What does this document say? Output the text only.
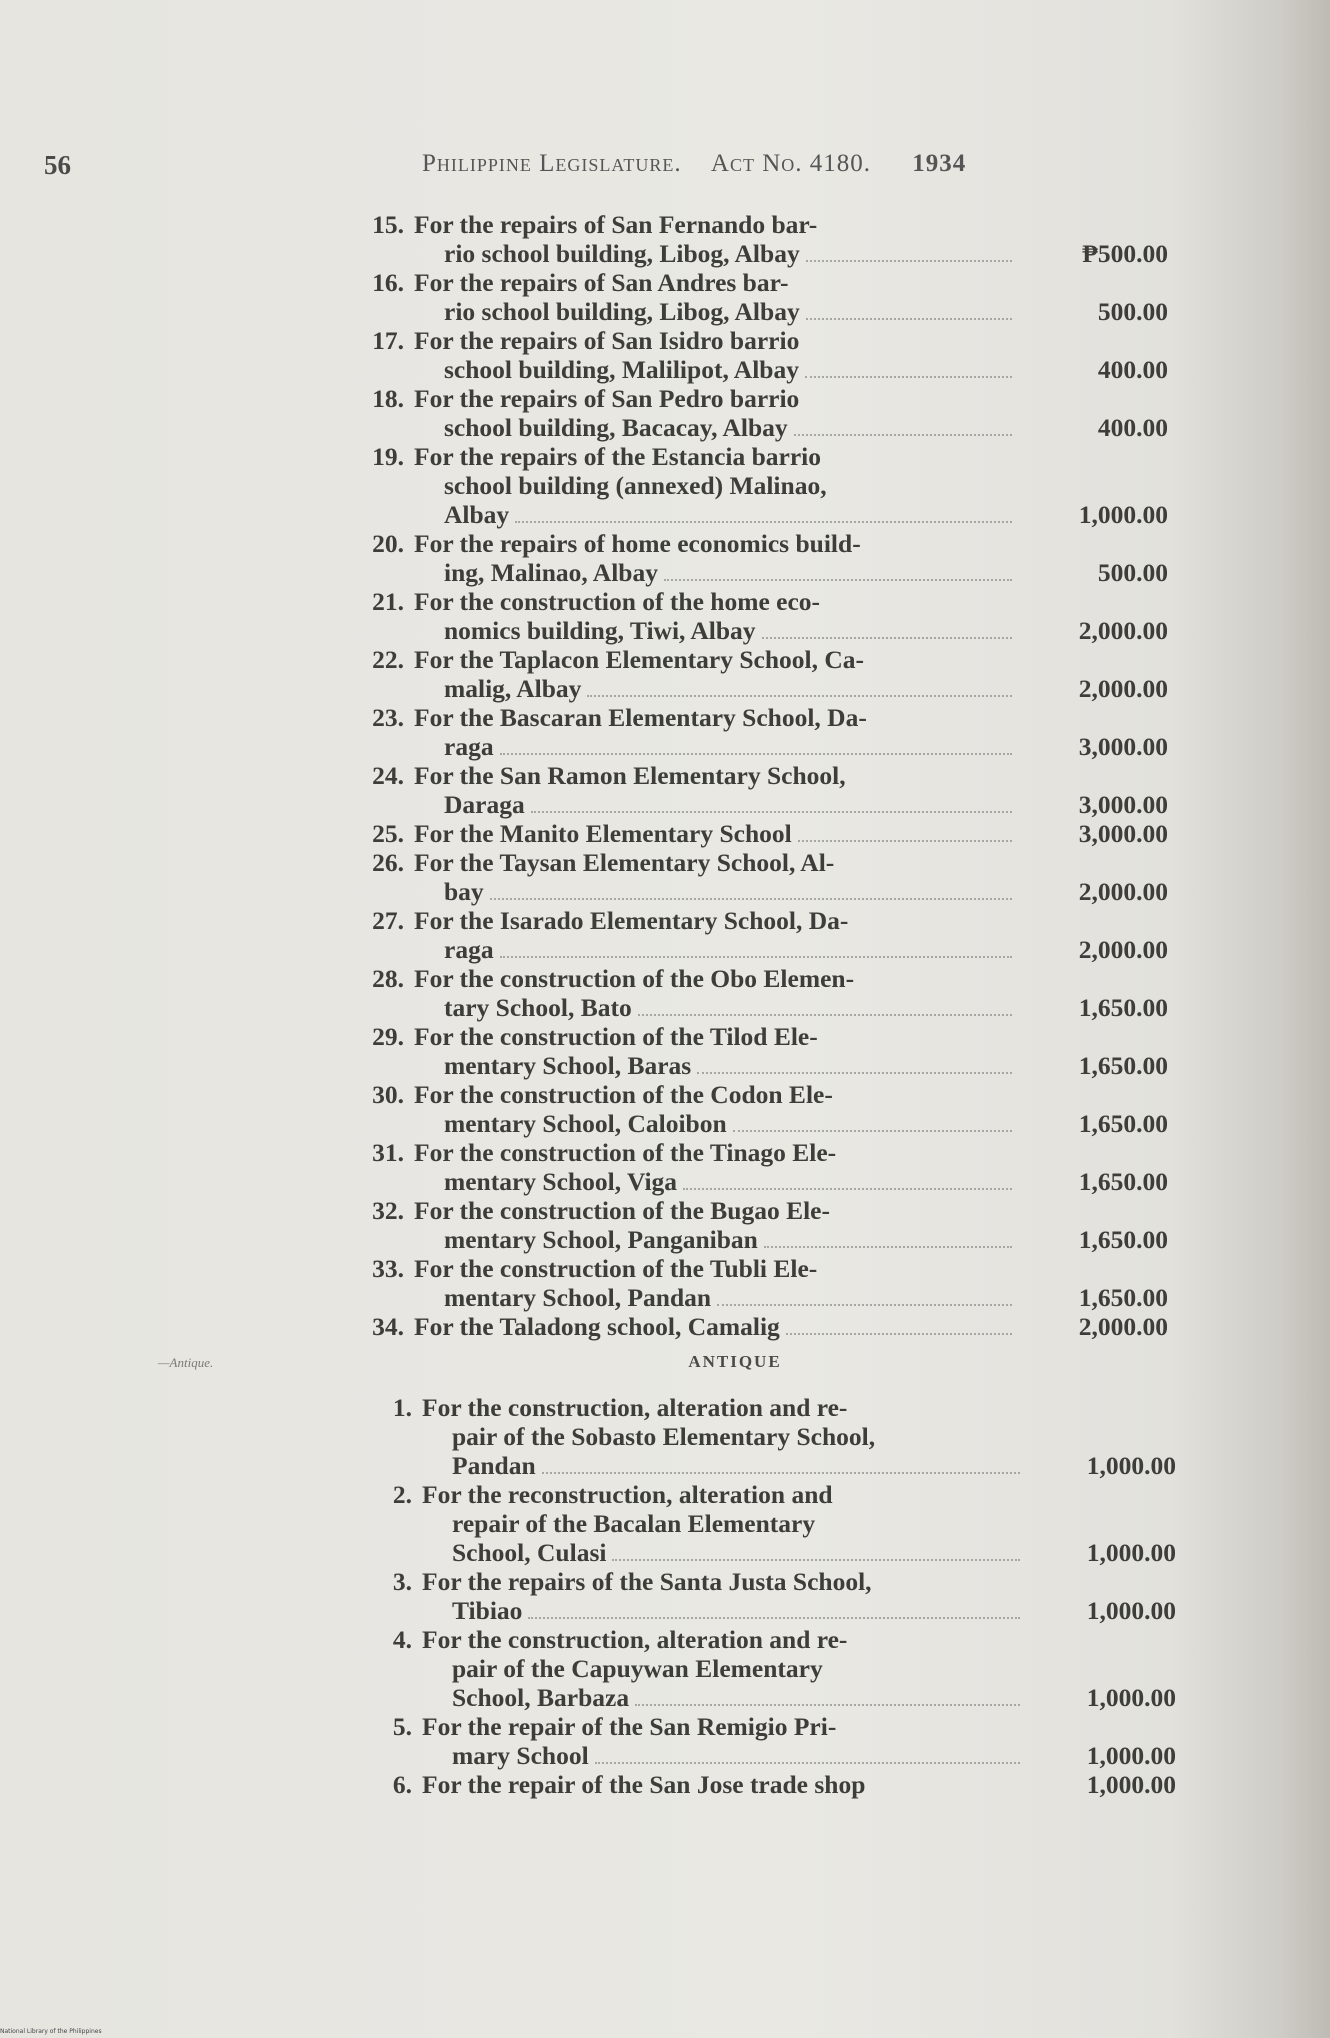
56	Philippine Legislature. Act No. 4180. 1934
15. For the repairs of San Fernando bar-
rio school building, Libog, Albay	₱500.00
16. For the repairs of San Andres bar-
rio school building, Libog, Albay	500.00
17. For the repairs of San Isidro barrio
school building, Malilipot, Albay	400.00
18. For the repairs of San Pedro barrio
school building, Bacacay, Albay	400.00
19. For the repairs of the Estancia barrio
school building (annexed) Malinao,
Albay	1,000.00
20. For the repairs of home economics build-
ing, Malinao, Albay	500.00
21. For the construction of the home eco-
nomics building, Tiwi, Albay	2,000.00
22. For the Taplacon Elementary School, Ca-
malig, Albay	2,000.00
23. For the Bascaran Elementary School, Da-
raga	3,000.00
24. For the San Ramon Elementary School,
Daraga	3,000.00
25. For the Manito Elementary School	3,000.00
26. For the Taysan Elementary School, Al-
bay	2,000.00
27. For the Isarado Elementary School, Da-
raga	2,000.00
28. For the construction of the Obo Elemen-
tary School, Bato	1,650.00
29. For the construction of the Tilod Ele-
mentary School, Baras	1,650.00
30. For the construction of the Codon Ele-
mentary School, Caloibon	1,650.00
31. For the construction of the Tinago Ele-
mentary School, Viga	1,650.00
32. For the construction of the Bugao Ele-
mentary School, Panganiban	1,650.00
33. For the construction of the Tubli Ele-
mentary School, Pandan	1,650.00
34. For the Taladong school, Camalig	2,000.00
—Antique.	ANTIQUE
1. For the construction, alteration and re-
pair of the Sobasto Elementary School,
Pandan	1,000.00
2. For the reconstruction, alteration and
repair of the Bacalan Elementary
School, Culasi	1,000.00
3. For the repairs of the Santa Justa School,
Tibiao	1,000.00
4. For the construction, alteration and re-
pair of the Capuywan Elementary
School, Barbaza	1,000.00
5. For the repair of the San Remigio Pri-
mary School	1,000.00
6. For the repair of the San Jose trade shop	1,000.00
National Library of the Philippines
